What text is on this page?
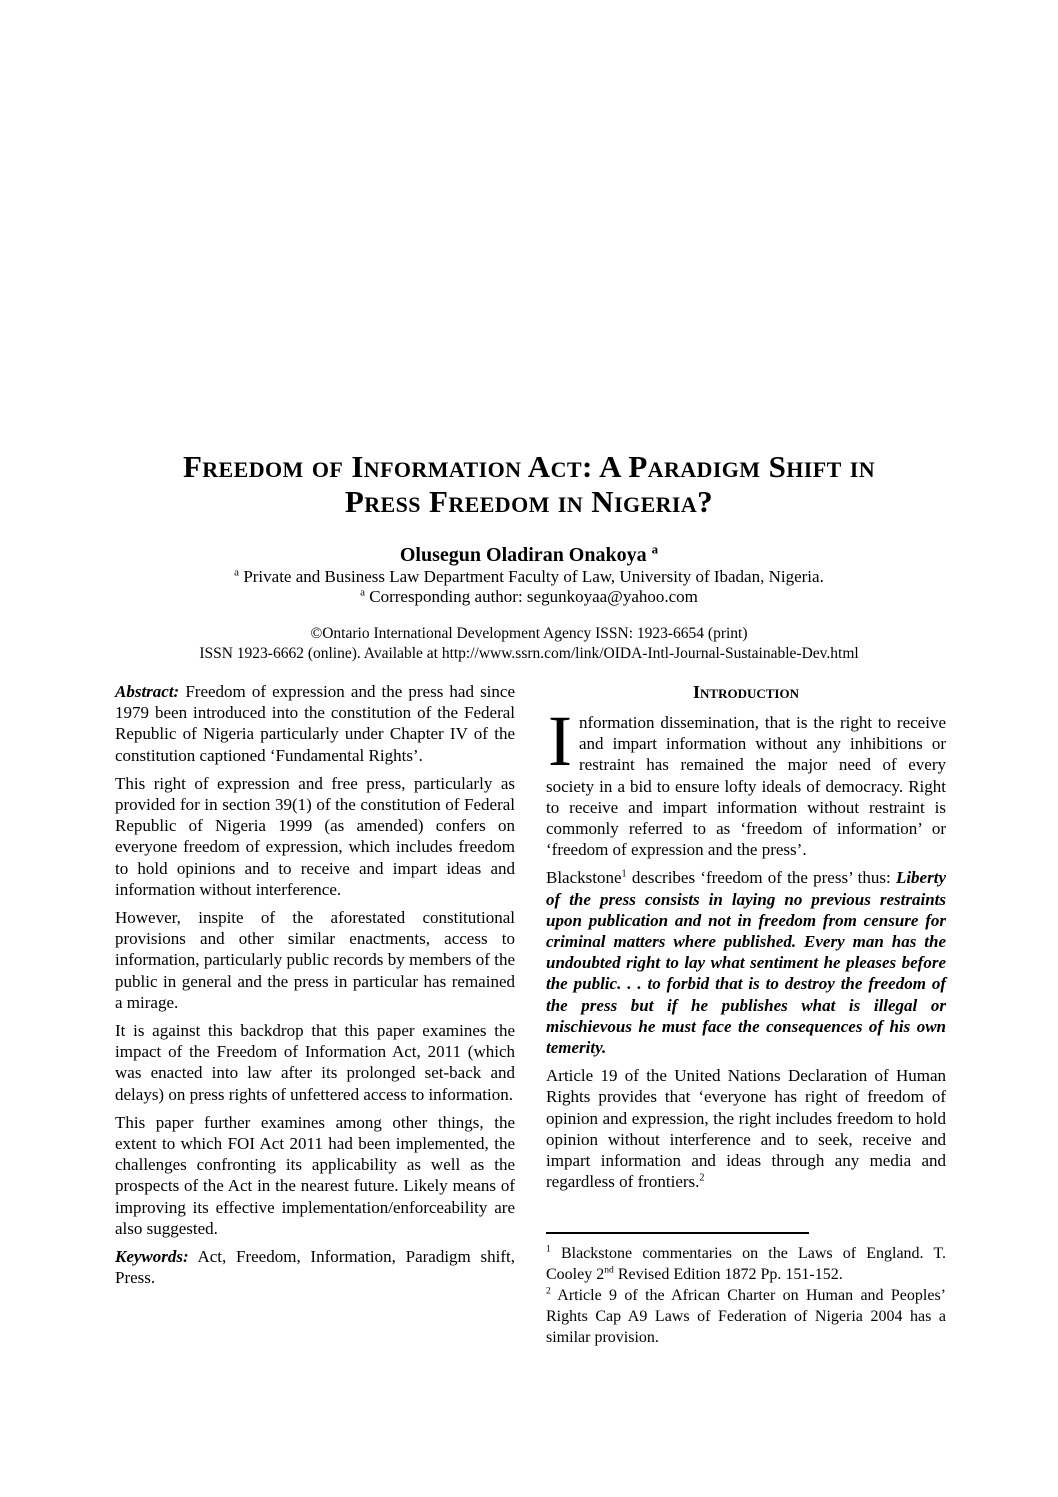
Freedom of Information Act: A Paradigm Shift in
Press Freedom in Nigeria?
Olusegun Oladiran Onakoya $^a$
$^a$ Private and Business Law Department Faculty of Law, University of Ibadan, Nigeria.
$^a$ Corresponding author: segunkoyaa@yahoo.com
©Ontario International Development Agency ISSN: 1923-6654 (print)
ISSN 1923-6662 (online). Available at http://www.ssrn.com/link/OIDA-Intl-Journal-Sustainable-Dev.html

Abstract: Freedom of expression and the press had since 1979 been introduced into the constitution of the Federal Republic of Nigeria particularly under Chapter IV of the constitution captioned ‘Fundamental Rights’.

This right of expression and free press, particularly as provided for in section 39(1) of the constitution of Federal Republic of Nigeria 1999 (as amended) confers on everyone freedom of expression, which includes freedom to hold opinions and to receive and impart ideas and information without interference.

However, inspite of the aforestated constitutional provisions and other similar enactments, access to information, particularly public records by members of the public in general and the press in particular has remained a mirage.

It is against this backdrop that this paper examines the impact of the Freedom of Information Act, 2011 (which was enacted into law after its prolonged set-back and delays) on press rights of unfettered access to information.

This paper further examines among other things, the extent to which FOI Act 2011 had been implemented, the challenges confronting its applicability as well as the prospects of the Act in the nearest future. Likely means of improving its effective implementation/enforceability are also suggested.

Keywords: Act, Freedom, Information, Paradigm shift, Press.

Introduction

Information dissemination, that is the right to receive and impart information without any inhibitions or restraint has remained the major need of every society in a bid to ensure lofty ideals of democracy. Right to receive and impart information without restraint is commonly referred to as ‘freedom of information’ or ‘freedom of expression and the press’.

Blackstone$^1$ describes ‘freedom of the press’ thus: Liberty of the press consists in laying no previous restraints upon publication and not in freedom from censure for criminal matters where published. Every man has the undoubted right to lay what sentiment he pleases before the public. . . to forbid that is to destroy the freedom of the press but if he publishes what is illegal or mischievous he must face the consequences of his own temerity.

Article 19 of the United Nations Declaration of Human Rights provides that ‘everyone has right of freedom of opinion and expression, the right includes freedom to hold opinion without interference and to seek, receive and impart information and ideas through any media and regardless of frontiers.$^2$

$^1$ Blackstone commentaries on the Laws of England. T. Cooley 2nd Revised Edition 1872 Pp. 151-152.

$^2$ Article 9 of the African Charter on Human and Peoples’ Rights Cap A9 Laws of Federation of Nigeria 2004 has a similar provision.
